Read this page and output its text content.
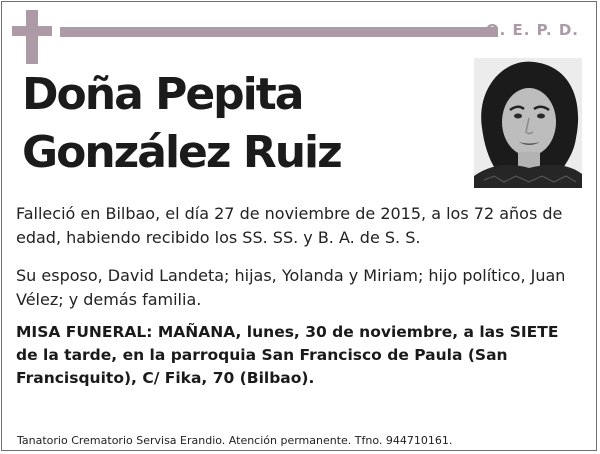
Q. E. P. D.
Doña Pepita
González Ruiz

Falleció en Bilbao, el día 27 de noviembre de 2015, a los 72 años de edad, habiendo recibido los SS. SS. y B. A. de S. S.

Su esposo, David Landeta; hijas, Yolanda y Miriam; hijo político, Juan Vélez; y demás familia.

MISA FUNERAL: MAÑANA, lunes, 30 de noviembre, a las SIETE de la tarde, en la parroquia San Francisco de Paula (San Francisquito), C/ Fika, 70 (Bilbao).

Tanatorio Crematorio Servisa Erandio. Atención permanente. Tfno. 944710161.
